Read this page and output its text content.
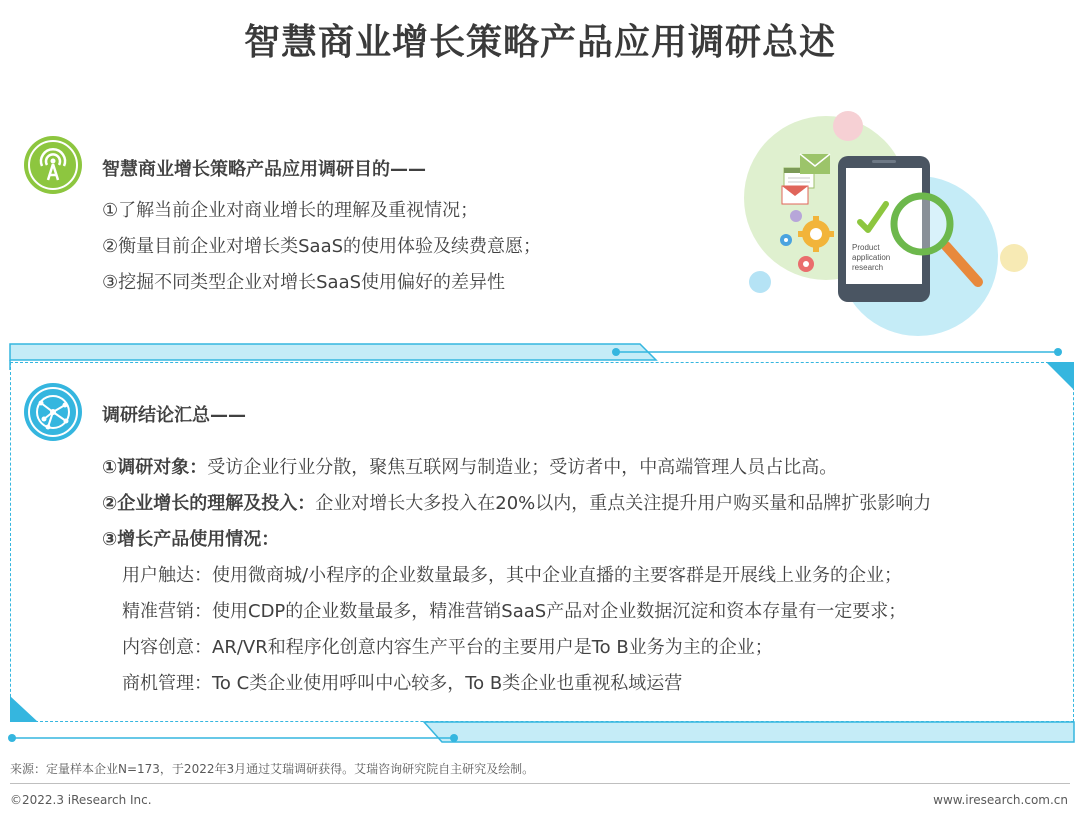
智慧商业增长策略产品应用调研总述
智慧商业增长策略产品应用调研目的——
①了解当前企业对商业增长的理解及重视情况；
②衡量目前企业对增长类SaaS的使用体验及续费意愿；
③挖掘不同类型企业对增长SaaS使用偏好的差异性
Product
application
research
调研结论汇总——
①调研对象：受访企业行业分散，聚焦互联网与制造业；受访者中，中高端管理人员占比高。
②企业增长的理解及投入：企业对增长大多投入在20%以内，重点关注提升用户购买量和品牌扩张影响力
③增长产品使用情况：
用户触达：使用微商城/小程序的企业数量最多，其中企业直播的主要客群是开展线上业务的企业；
精准营销：使用CDP的企业数量最多，精准营销SaaS产品对企业数据沉淀和资本存量有一定要求；
内容创意：AR/VR和程序化创意内容生产平台的主要用户是To B业务为主的企业；
商机管理：To C类企业使用呼叫中心较多，To B类企业也重视私域运营
来源：定量样本企业N=173，于2022年3月通过艾瑞调研获得。艾瑞咨询研究院自主研究及绘制。
©2022.3 iResearch Inc.	www.iresearch.com.cn
